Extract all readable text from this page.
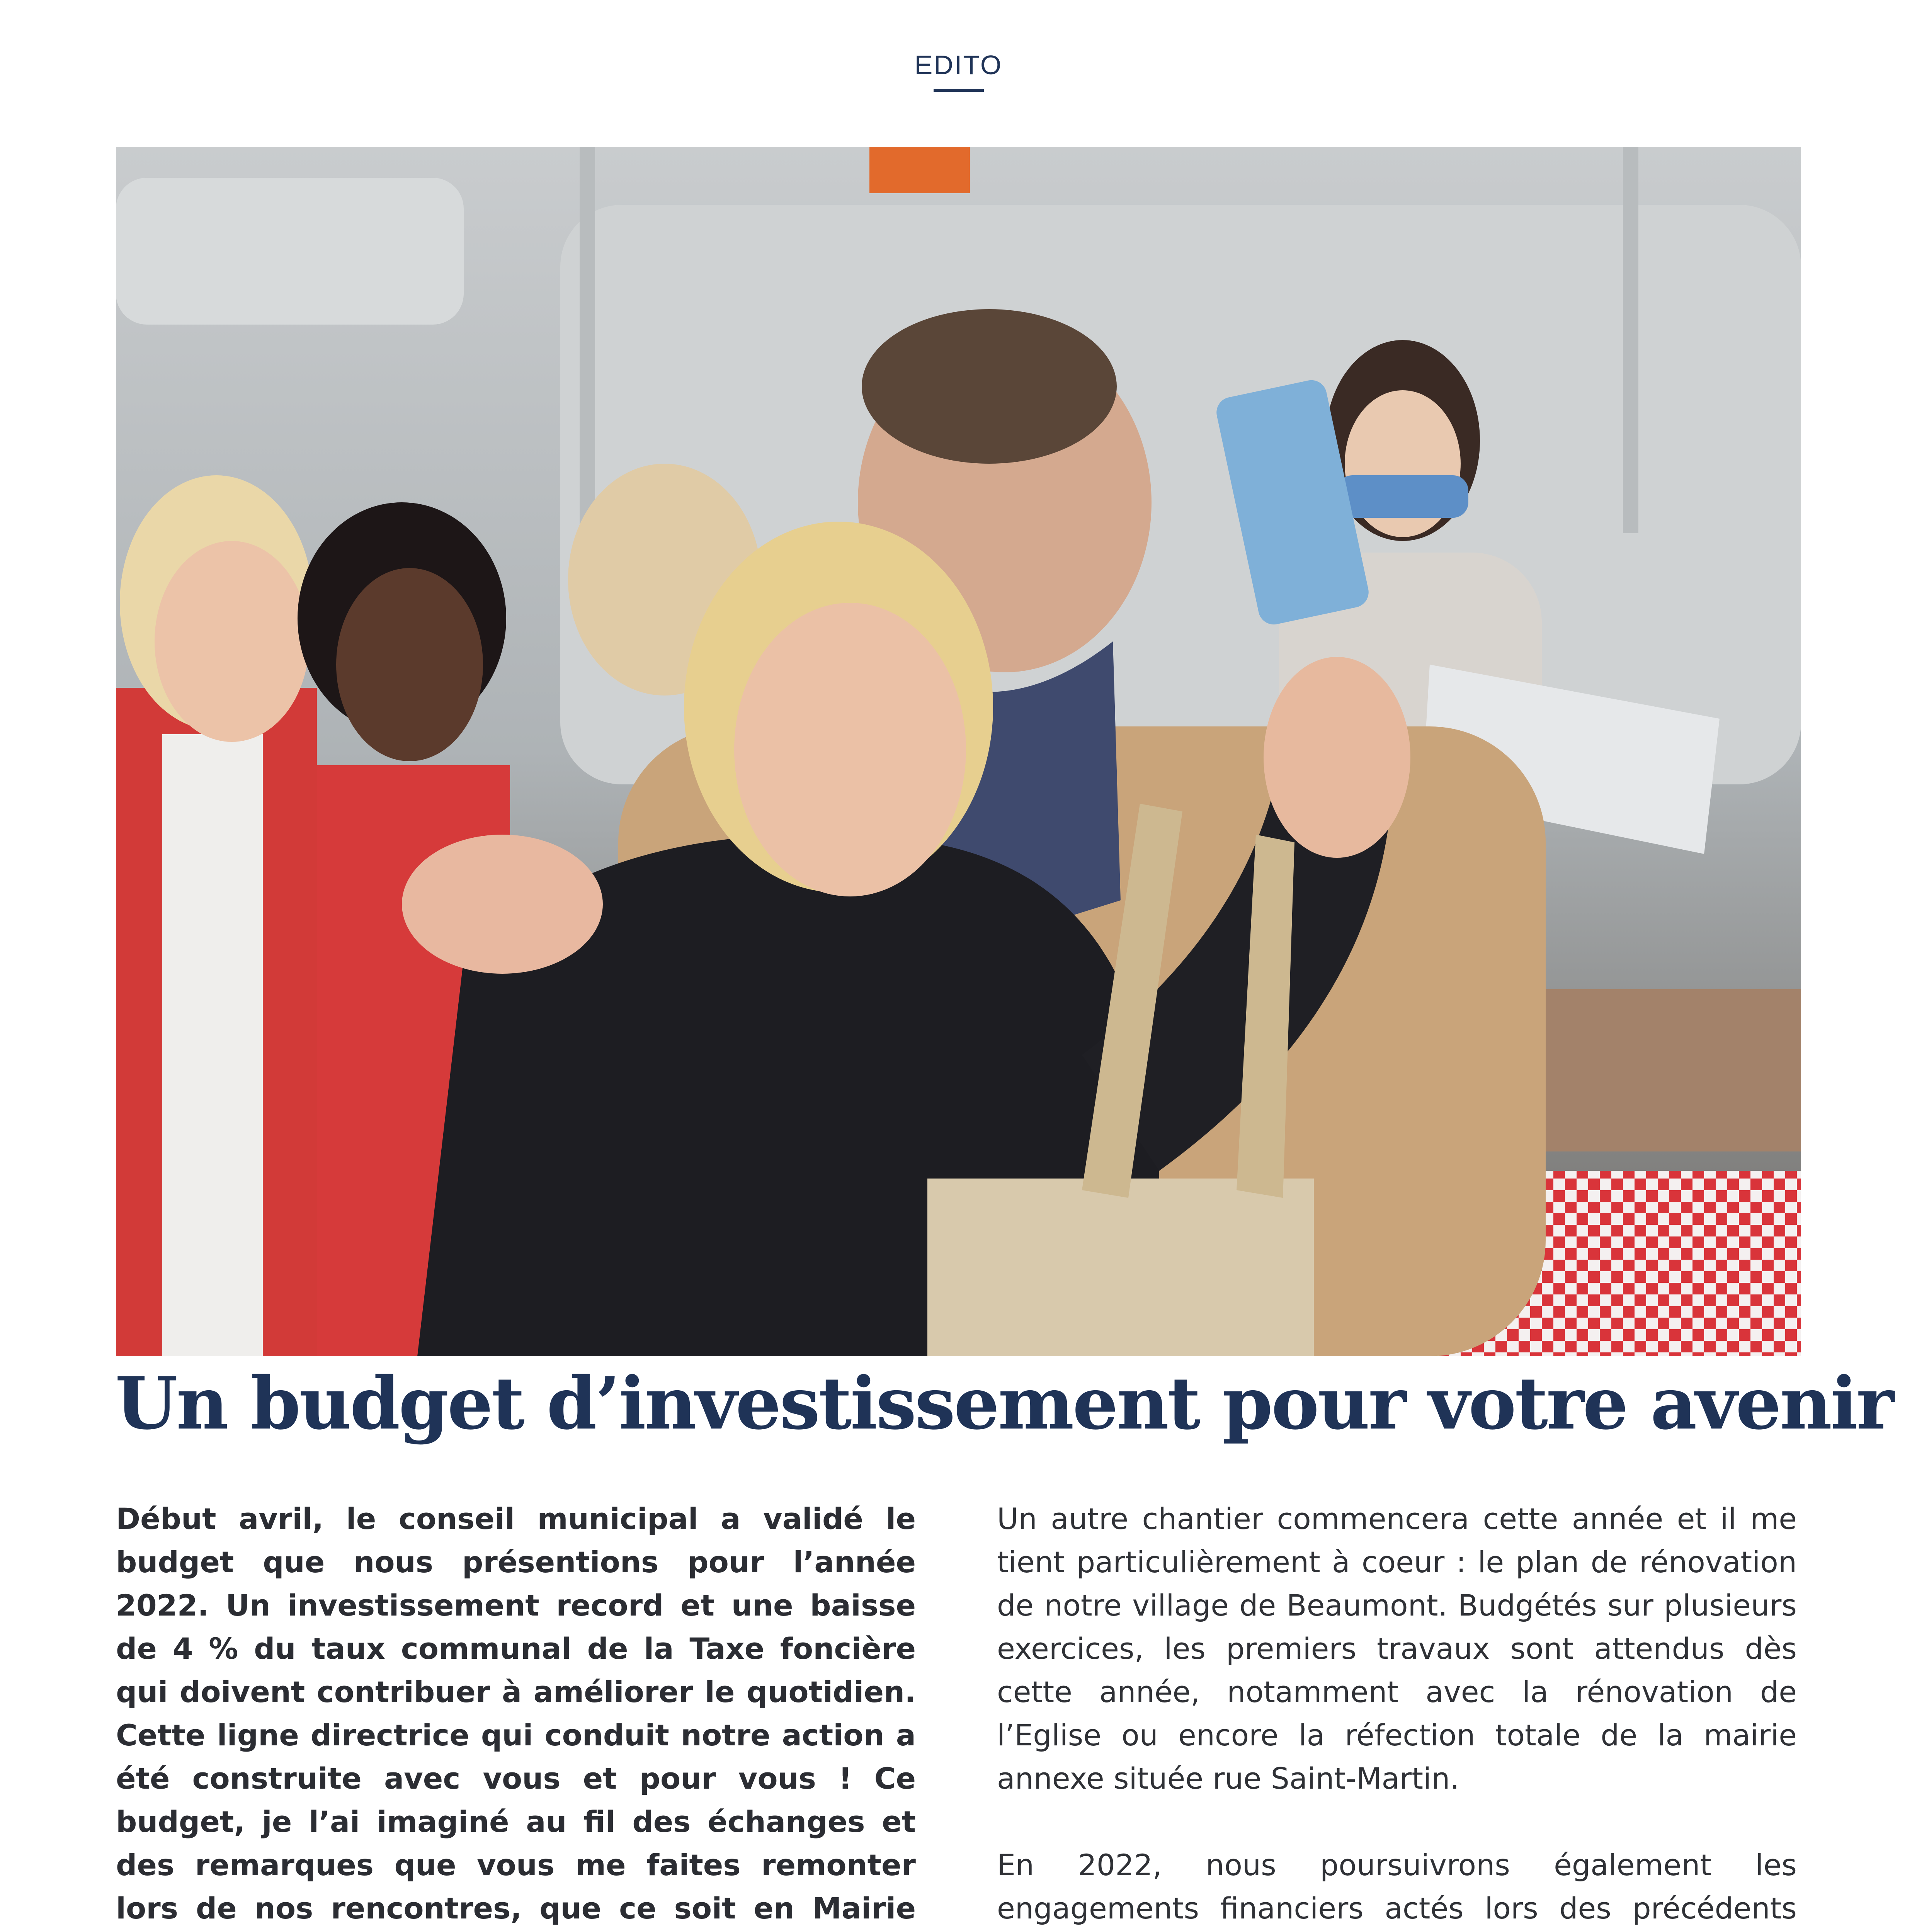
EDITO
Un budget d’investissement pour votre avenir

Début avril, le conseil municipal a validé le budget que nous présentions pour l’année 2022. Un investissement record et une baisse de 4 % du taux communal de la Taxe foncière qui doivent contribuer à améliorer le quotidien. Cette ligne directrice qui conduit notre action a été construite avec vous et pour vous ! Ce budget, je l’ai imaginé au fil des échanges et des remarques que vous me faites remonter lors de nos rencontres, que ce soit en Mairie

Un autre chantier commencera cette année et il me tient particulièrement à coeur : le plan de rénovation de notre village de Beaumont. Budgétés sur plusieurs exercices, les premiers travaux sont attendus dès cette année, notamment avec la rénovation de l’Eglise ou encore la réfection totale de la mairie annexe située rue Saint-Martin.

En 2022, nous poursuivrons également les engagements financiers actés lors des précédents
